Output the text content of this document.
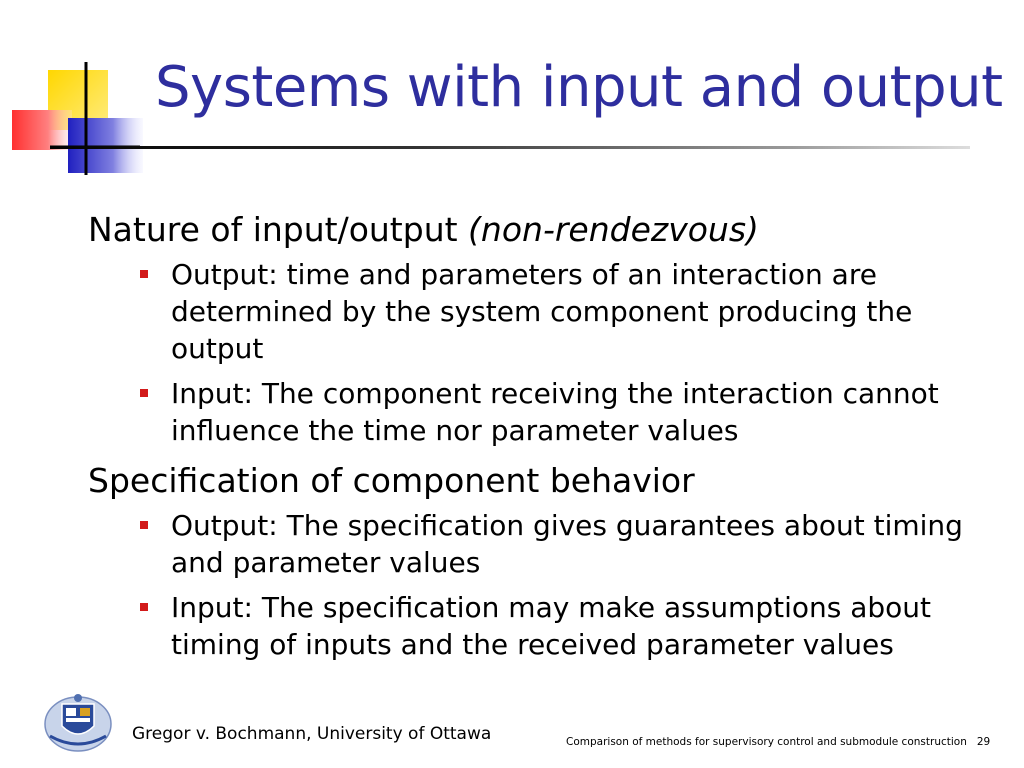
Systems with input and output
Nature of input/output (non-rendezvous)
Output: time and parameters of an interaction are determined by the system component producing the output
Input: The component receiving the interaction cannot influence the time nor parameter values
Specification of component behavior
Output: The specification gives guarantees about timing and parameter values
Input: The specification may make assumptions about timing of inputs and the received parameter values
Gregor v. Bochmann, University of Ottawa	Comparison of methods for supervisory control and submodule construction 29
